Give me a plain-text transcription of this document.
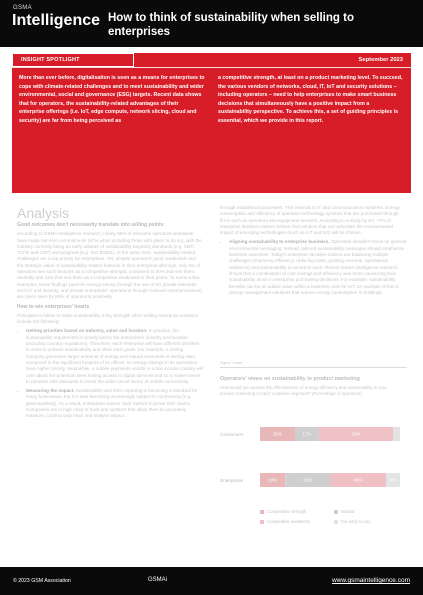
GSMA
Intelligence How to think of sustainability when selling to enterprises
INSIGHT SPOTLIGHT	September 2023
More than ever before, digitalisation is seen as a means for enterprises to cope with climate-related challenges and to meet sustainability and wider environmental, social and governance (ESG) targets. Recent data shows that for operators, the sustainability-related advantages of their enterprise offerings (i.e. IoT, edge compute, network slicing, cloud and security) are far from being perceived as
a competitive strength, at least on a product marketing level. To succeed, the various vendors of networks, cloud, IT, IoT and security solutions – including operators – need to help enterprises to make smart business decisions that simultaneously have a positive impact from a sustainability perspective. To achieve this, a set of guiding principles is essential, which we provide in this report.
Analysis

Good outcomes don't necessarily translate into selling points

According to GSMA Intelligence research, nearly 80% of telecoms operators worldwide have made net-zero commitments (87% when including those with plans to do so), with the industry currently being an early adopter of sustainability targeting standards (e.g. SBTi, TCFD and CDP) and progress (e.g. ISO 50001). At the same time, sustainability-related challenges are a top priority for enterprises. Yet, despite operators' good credentials and the strategic value of sustainability-related features in their enterprise offerings, only 3% of operators see such features as a competitive strength, compared to 50% that see them neutrally and 13% that see them as a competitive weakness to their peers. To name a few examples, these findings (and the energy-saving through the use of 5G private networks and IoT and security, and private enterprises' operations through reduced communications) are (even seen by 60% of operators) positively.

How to win enterprises' hearts

Principles to follow to make sustainability a key strength when selling enterprise solutions include the following:

• Getting priorities based on industry, value and location. In practice, the sustainability requirement is closely tied to the enterprise's industry and location (including country regulations). Therefore, each enterprise will have different priorities in order to achieve sustainability and other ESG goals. For example, a mining company generates larger amounts of energy and natural resources in mining sites, compared to the significant footprint of its offices, so energy savings in its operations have higher priority. Meanwhile, a mobile-payments vendor in a low income country will care about the potential users having access to digital services and so it makes sense to prioritise SIM discounts to boost the wider social favour of mobile connectivity.
• Measuring the impact. Sustainability and ESG reporting is becoming a standard for many businesses, but it is also becoming increasingly subject to controversy (e.g. greenwashing). As a result, enterprises expect clear metrics to prove their claims. Companies are in high need of tools and systems that allow them to accurately measure, continuously track and analyse impact.

through established processes. This extends to IT and communications systems. Energy consumption and efficiency of operation technology systems that are purchased through firms such as operators and equipment vendors. According to a study by EY, 77% of enterprise decision-makers believe that vendors that can articulate the environmental impact of emerging technologies (such as IoT and 5G) will be chosen.

• Aligning sustainability to enterprise business. Operators shouldn't focus on general environmental messaging; instead, tailored sustainability messages should emphasize business outcomes. Today's enterprise decision-makers are balancing multiple challenges (improving efficiency, reducing costs, growing revenue, operational resilience) and sustainability is central to each. Recent GSMA Intelligence research shows that a combination of cost savings and efficiency was more convincing than sustainability alone in enterprise purchasing decisions. For example, sustainability benefits can be an added value within a business case for IoT. An example of this is energy management solutions that reduce energy consumption in buildings.
Figure / chart
Operators' views on sustainability in product marketing
How would you assess the effectiveness of energy efficiency and sustainability in your product marketing to each customer segment? (Percentage of operators)
Consumers	25%	17%	53%
Enterprises	18%	32%	40%	10%
Competitive strength	Neutral
Competitive weakness	Too early to say
© 2023 GSM Association	GSMAi	www.gsmaintelligence.com
